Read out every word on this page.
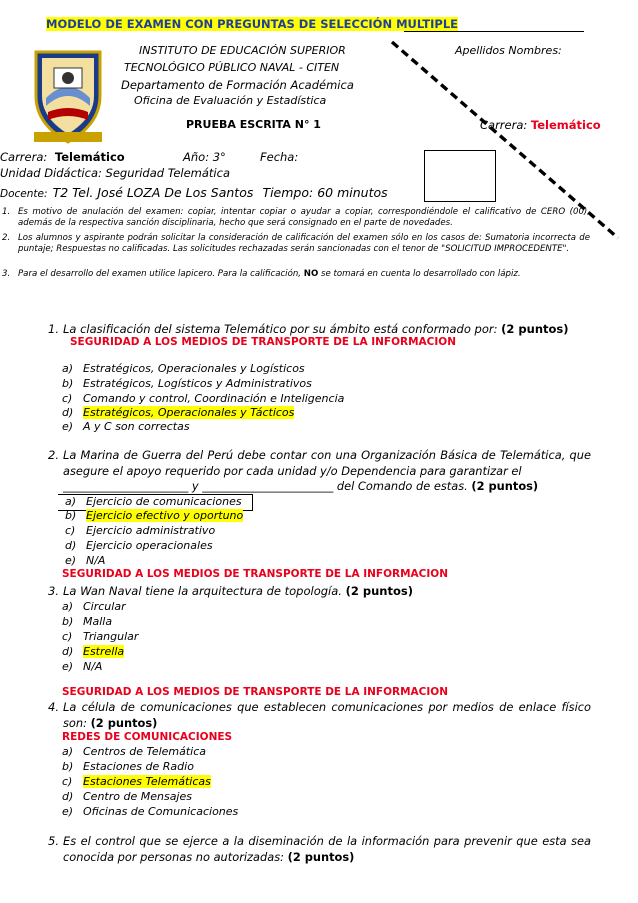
MODELO DE EXAMEN CON PREGUNTAS DE SELECCIÓN MULTIPLE
INSTITUTO DE EDUCACIÓN SUPERIOR
TECNOLÓGICO PÚBLICO NAVAL - CITEN
Departamento de Formación Académica
Oficina de Evaluación y Estadística
Apellidos Nombres:
PRUEBA ESCRITA N° 1	Carrera: Telemático
Carrera: Telemático	Año: 3°	Fecha:
Unidad Didáctica: Seguridad Telemática
Docente: T2 Tel. José LOZA De Los Santos Tiempo: 60 minutos
1. Es motivo de anulación del examen: copiar, intentar copiar o ayudar a copiar, correspondiéndole el calificativo de CERO (00), además de la respectiva sanción disciplinaria, hecho que será consignado en el parte de novedades.
2. Los alumnos y aspirante podrán solicitar la consideración de calificación del examen sólo en los casos de: Sumatoria incorrecta de puntaje; Respuestas no calificadas. Las solicitudes rechazadas serán sancionadas con el tenor de "SOLICITUD IMPROCEDENTE".
3. Para el desarrollo del examen utilice lapicero. Para la calificación, NO se tomará en cuenta lo desarrollado con lápiz.
1. La clasificación del sistema Telemático por su ámbito está conformado por: (2 puntos)
SEGURIDAD A LOS MEDIOS DE TRANSPORTE DE LA INFORMACION
a) Estratégicos, Operacionales y Logísticos
b) Estratégicos, Logísticos y Administrativos
c) Comando y control, Coordinación e Inteligencia
d) Estratégicos, Operacionales y Tácticos
e) A y C son correctas
2. La Marina de Guerra del Perú debe contar con una Organización Básica de Telemática, que asegure el apoyo requerido por cada unidad y/o Dependencia para garantizar el
______________________ y _______________________ del Comando de estas. (2 puntos)
a) Ejercicio de comunicaciones
b) Ejercicio efectivo y oportuno
c) Ejercicio administrativo
d) Ejercicio operacionales
e) N/A
SEGURIDAD A LOS MEDIOS DE TRANSPORTE DE LA INFORMACION
3. La Wan Naval tiene la arquitectura de topología. (2 puntos)
a) Circular
b) Malla
c) Triangular
d) Estrella
e) N/A
SEGURIDAD A LOS MEDIOS DE TRANSPORTE DE LA INFORMACION
4. La célula de comunicaciones que establecen comunicaciones por medios de enlace físico son: (2 puntos)
REDES DE COMUNICACIONES
a) Centros de Telemática
b) Estaciones de Radio
c) Estaciones Telemáticas
d) Centro de Mensajes
e) Oficinas de Comunicaciones
5. Es el control que se ejerce a la diseminación de la información para prevenir que esta sea conocida por personas no autorizadas: (2 puntos)
